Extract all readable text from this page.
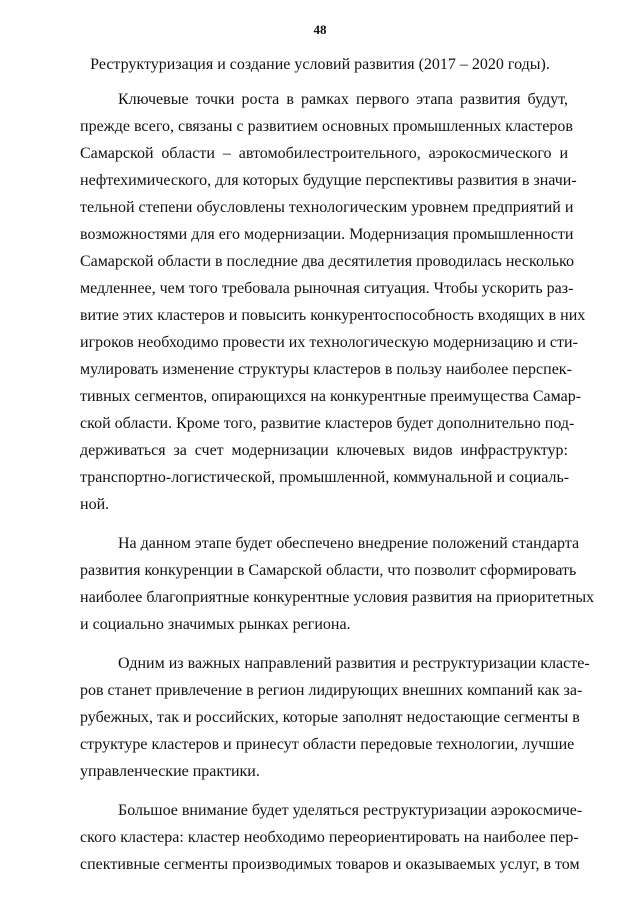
48
Реструктуризация и создание условий развития (2017 – 2020 годы).
Ключевые точки роста в рамках первого этапа развития будут,
прежде всего, связаны с развитием основных промышленных кластеров
Самарской области – автомобилестроительного, аэрокосмического и
нефтехимического, для которых будущие перспективы развития в значи-
тельной степени обусловлены технологическим уровнем предприятий и
возможностями для его модернизации. Модернизация промышленности
Самарской области в последние два десятилетия проводилась несколько
медленнее, чем того требовала рыночная ситуация. Чтобы ускорить раз-
витие этих кластеров и повысить конкурентоспособность входящих в них
игроков необходимо провести их технологическую модернизацию и сти-
мулировать изменение структуры кластеров в пользу наиболее перспек-
тивных сегментов, опирающихся на конкурентные преимущества Самар-
ской области. Кроме того, развитие кластеров будет дополнительно под-
держиваться за счет модернизации ключевых видов инфраструктур:
транспортно-логистической, промышленной, коммунальной и социаль-
ной.
На данном этапе будет обеспечено внедрение положений стандарта
развития конкуренции в Самарской области, что позволит сформировать
наиболее благоприятные конкурентные условия развития на приоритетных
и социально значимых рынках региона.
Одним из важных направлений развития и реструктуризации класте-
ров станет привлечение в регион лидирующих внешних компаний как за-
рубежных, так и российских, которые заполнят недостающие сегменты в
структуре кластеров и принесут области передовые технологии, лучшие
управленческие практики.
Большое внимание будет уделяться реструктуризации аэрокосмиче-
ского кластера: кластер необходимо переориентировать на наиболее пер-
спективные сегменты производимых товаров и оказываемых услуг, в том
